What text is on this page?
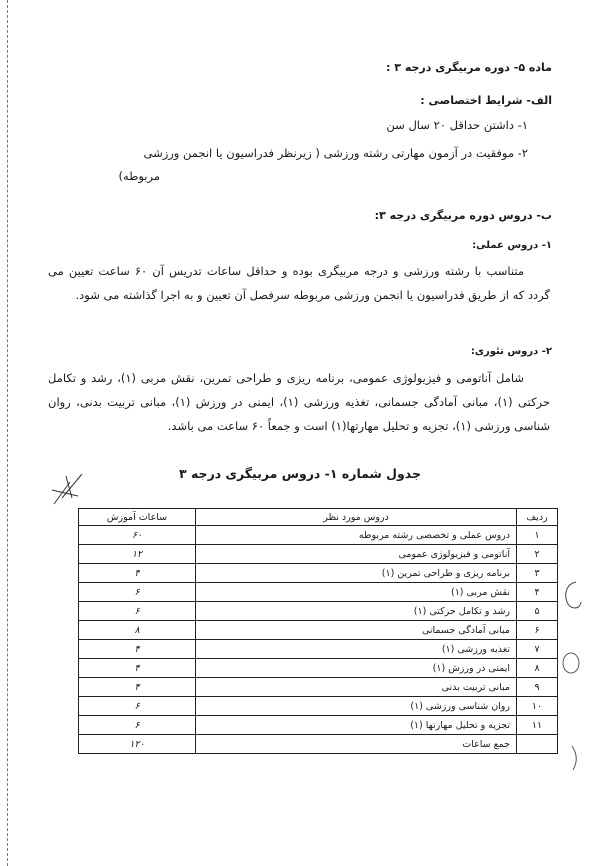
ماده ۵- دوره مربیگری درجه ۳ :
الف- شرایط اختصاصی :
۱- داشتن حداقل ۲۰ سال سن
۲- موفقیت در آزمون مهارتی رشته ورزشی ( زیرنظر فدراسیون یا انجمن ورزشی
مربوطه)
ب- دروس دوره مربیگری درجه ۳:
۱- دروس عملی:
متناسب با رشته ورزشی و درجه مربیگری بوده و حداقل ساعات تدریس آن ۶۰ ساعت تعیین می گردد که از طریق فدراسیون یا انجمن ورزشی مربوطه سرفصل آن تعیین و به اجرا گذاشته می شود.
۲- دروس تئوری:
شامل آناتومی و فیزیولوژی عمومی، برنامه ریزی و طراحی تمرین، نقش مربی (۱)، رشد و تکامل حرکتی (۱)، مبانی آمادگی جسمانی، تغذیه ورزشی (۱)، ایمنی در ورزش (۱)، مبانی تربیت بدنی، روان شناسی ورزشی (۱)، تجزیه و تحلیل مهارتها(۱) است و جمعاً ۶۰ ساعت می باشد.
جدول شماره ۱- دروس مربیگری درجه ۳
ردیف	دروس مورد نظر	ساعات آموزش
۱	دروس عملی و تخصصی رشته مربوطه	۶۰
۲	آناتومی و فیزیولوژی عمومی	۱۲
۳	برنامه ریزی و طراحی تمرین (۱)	۴
۴	نقش مربی (۱)	۶
۵	رشد و تکامل حرکتی (۱)	۶
۶	مبانی آمادگی جسمانی	۸
۷	تغذیه ورزشی (۱)	۴
۸	ایمنی در ورزش (۱)	۴
۹	مبانی تربیت بدنی	۴
۱۰	روان شناسی ورزشی (۱)	۶
۱۱	تجزیه و تحلیل مهارتها (۱)	۶
	جمع ساعات	۱۲۰
